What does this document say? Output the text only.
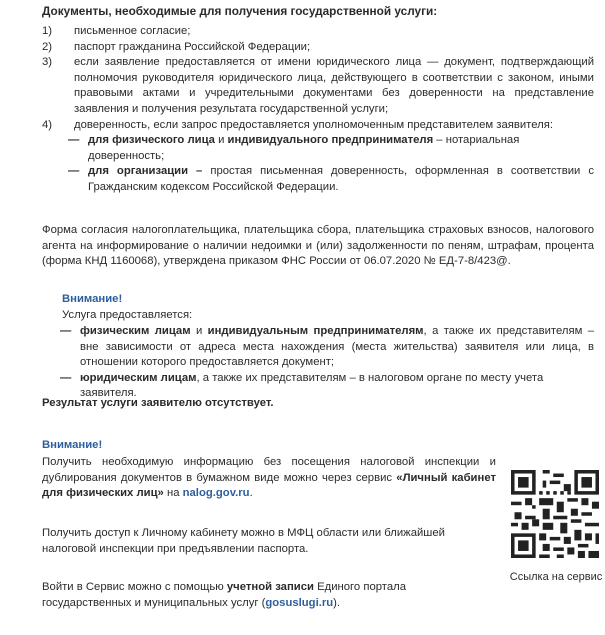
Документы, необходимые для получения государственной услуги:
1)	письменное согласие;
2)	паспорт гражданина Российской Федерации;
3)	если заявление предоставляется от имени юридического лица — документ, подтверждающий полномочия руководителя юридического лица, действующего в соответствии с законом, иными правовыми актами и учредительными документами без доверенности на представление заявления и получения результата государственной услуги;
4)	доверенность, если запрос предоставляется уполномоченным представителем заявителя:
— для физического лица и индивидуального предпринимателя – нотариальная доверенность;
— для организации – простая письменная доверенность, оформленная в соответствии с Гражданским кодексом Российской Федерации.
Форма согласия налогоплательщика, плательщика сбора, плательщика страховых взносов, налогового агента на информирование о наличии недоимки и (или) задолженности по пеням, штрафам, процента (форма КНД 1160068), утверждена приказом ФНС России от 06.07.2020 № ЕД-7-8/423@.
Внимание!
Услуга предоставляется:
— физическим лицам и индивидуальным предпринимателям, а также их представителям – вне зависимости от адреса места нахождения (места жительства) заявителя или лица, в отношении которого предоставляется документ;
— юридическим лицам, а также их представителям – в налоговом органе по месту учета заявителя.
Результат услуги заявителю отсутствует.
Внимание!
Получить необходимую информацию без посещения налоговой инспекции и дублирования документов в бумажном виде можно через сервис «Личный кабинет для физических лиц» на nalog.gov.ru.
Получить доступ к Личному кабинету можно в МФЦ области или ближайшей налоговой инспекции при предъявлении паспорта.
Войти в Сервис можно с помощью учетной записи Единого портала государственных и муниципальных услуг (gosuslugi.ru).
Ссылка на сервис
